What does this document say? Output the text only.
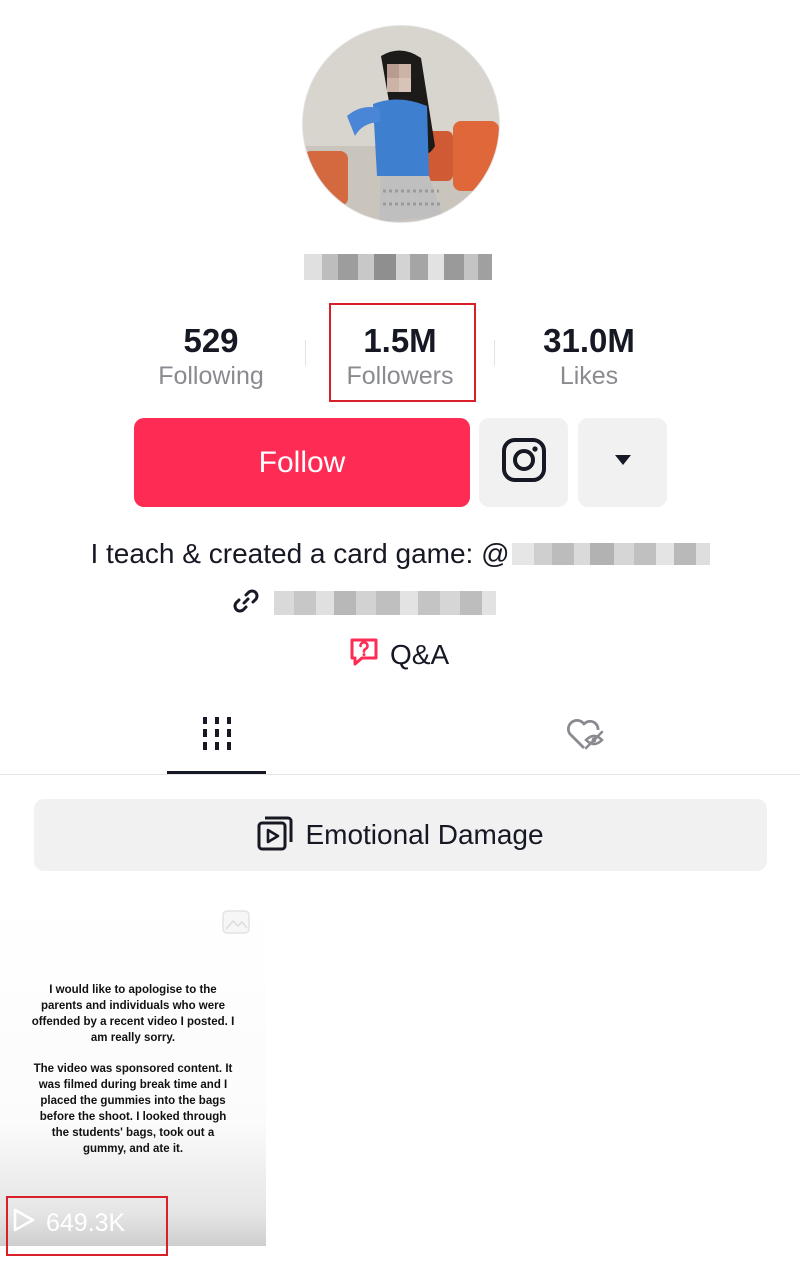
529
Following
1.5M
Followers
31.0M
Likes
Follow
I teach & created a card game: @
Q&A
Emotional Damage

I would like to apologise to the parents and individuals who were offended by a recent video I posted. I am really sorry.

The video was sponsored content. It was filmed during break time and I placed the gummies into the bags before the shoot. I looked through the students' bags, took out a gummy, and ate it.

649.3K
